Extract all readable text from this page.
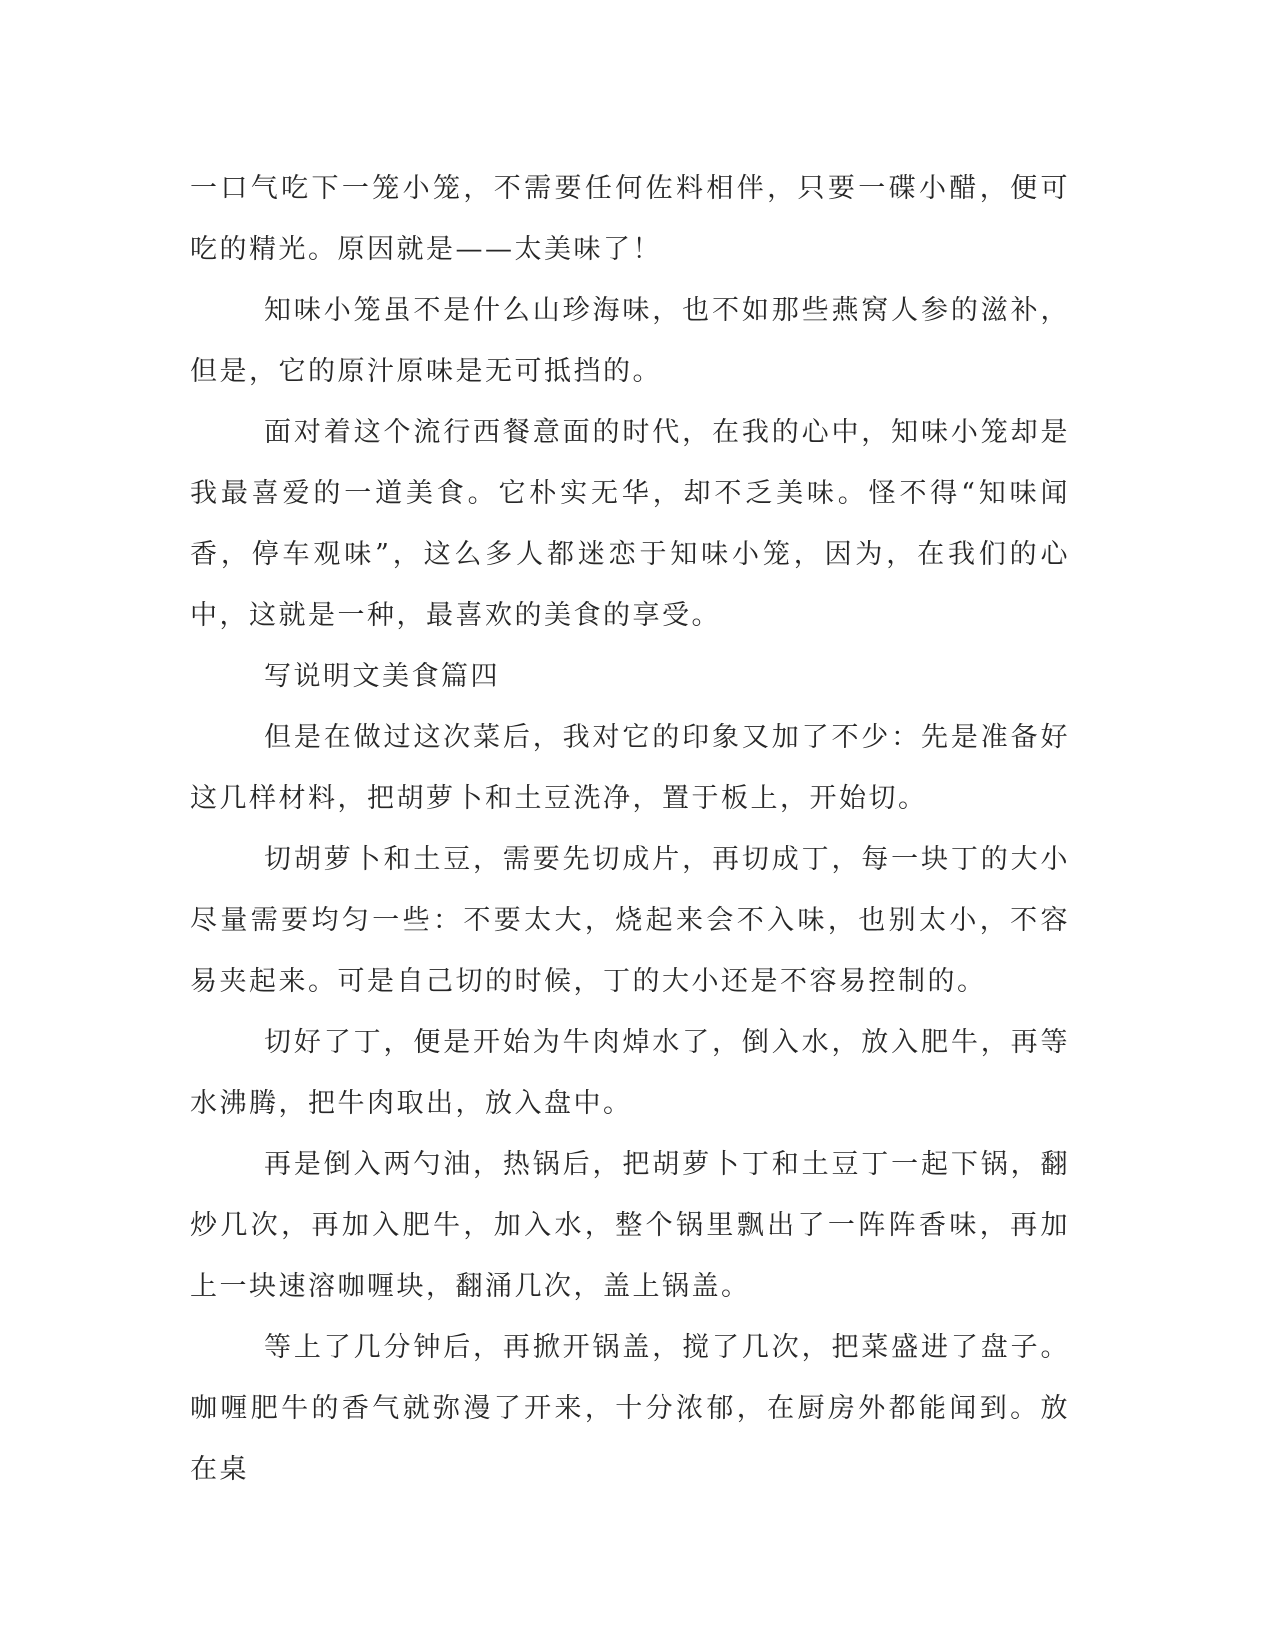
一口气吃下一笼小笼，不需要任何佐料相伴，只要一碟小醋，便可吃的精光。原因就是——太美味了！

知味小笼虽不是什么山珍海味，也不如那些燕窝人参的滋补，但是，它的原汁原味是无可抵挡的。

面对着这个流行西餐意面的时代，在我的心中，知味小笼却是我最喜爱的一道美食。它朴实无华，却不乏美味。怪不得“知味闻香，停车观味”，这么多人都迷恋于知味小笼，因为，在我们的心中，这就是一种，最喜欢的美食的享受。

写说明文美食篇四

但是在做过这次菜后，我对它的印象又加了不少：先是准备好这几样材料，把胡萝卜和土豆洗净，置于板上，开始切。

切胡萝卜和土豆，需要先切成片，再切成丁，每一块丁的大小尽量需要均匀一些：不要太大，烧起来会不入味，也别太小，不容易夹起来。可是自己切的时候，丁的大小还是不容易控制的。

切好了丁，便是开始为牛肉焯水了，倒入水，放入肥牛，再等水沸腾，把牛肉取出，放入盘中。

再是倒入两勺油，热锅后，把胡萝卜丁和土豆丁一起下锅，翻炒几次，再加入肥牛，加入水，整个锅里飘出了一阵阵香味，再加上一块速溶咖喱块，翻涌几次，盖上锅盖。

等上了几分钟后，再掀开锅盖，搅了几次，把菜盛进了盘子。咖喱肥牛的香气就弥漫了开来，十分浓郁，在厨房外都能闻到。放在桌
